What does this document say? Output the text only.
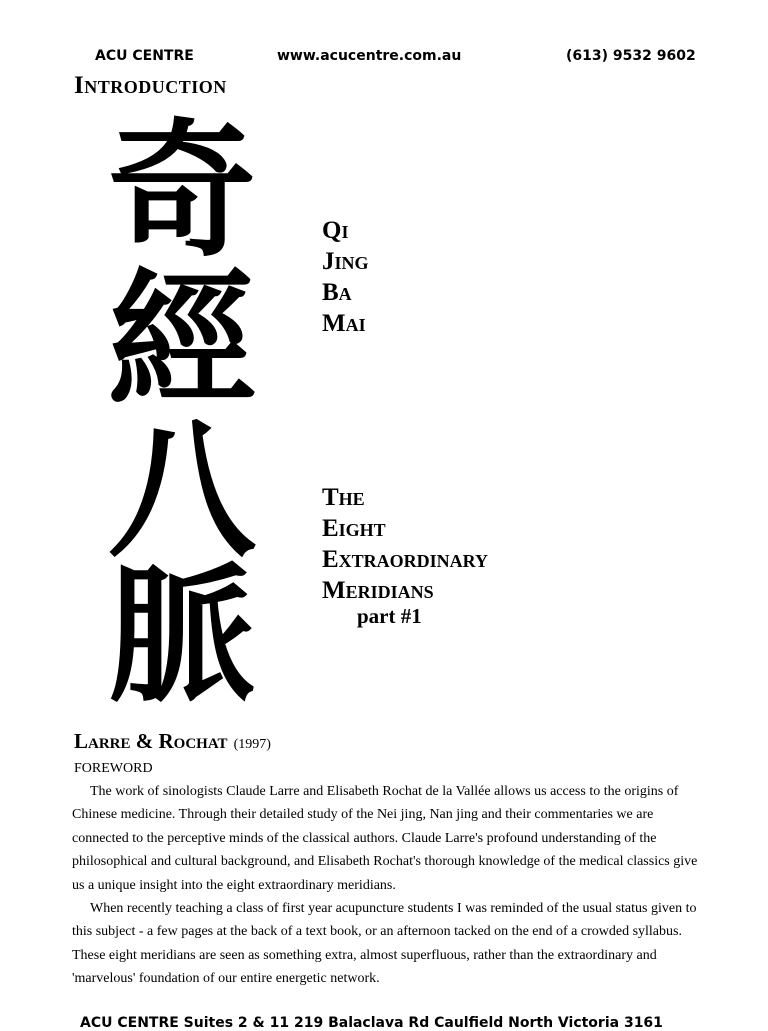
ACU CENTRE	www.acucentre.com.au	(613) 9532 9602
Introduction
奇
經
八
脈
Qi
Jing
Ba
Mai
The
Eight
Extraordinary
Meridians
part #1
Larre & Rochat (1997)
FOREWORD

The work of sinologists Claude Larre and Elisabeth Rochat de la Vallée allows us access to the origins of Chinese medicine. Through their detailed study of the Nei jing, Nan jing and their commentaries we are connected to the perceptive minds of the classical authors. Claude Larre's profound understanding of the philosophical and cultural background, and Elisabeth Rochat's thorough knowledge of the medical classics give us a unique insight into the eight extraordinary meridians.

When recently teaching a class of first year acupuncture students I was reminded of the usual status given to this subject - a few pages at the back of a text book, or an afternoon tacked on the end of a crowded syllabus. These eight meridians are seen as something extra, almost superfluous, rather than the extraordinary and 'marvelous' foundation of our entire energetic network.

ACU CENTRE Suites 2 & 11 219 Balaclava Rd Caulfield North Victoria 3161
